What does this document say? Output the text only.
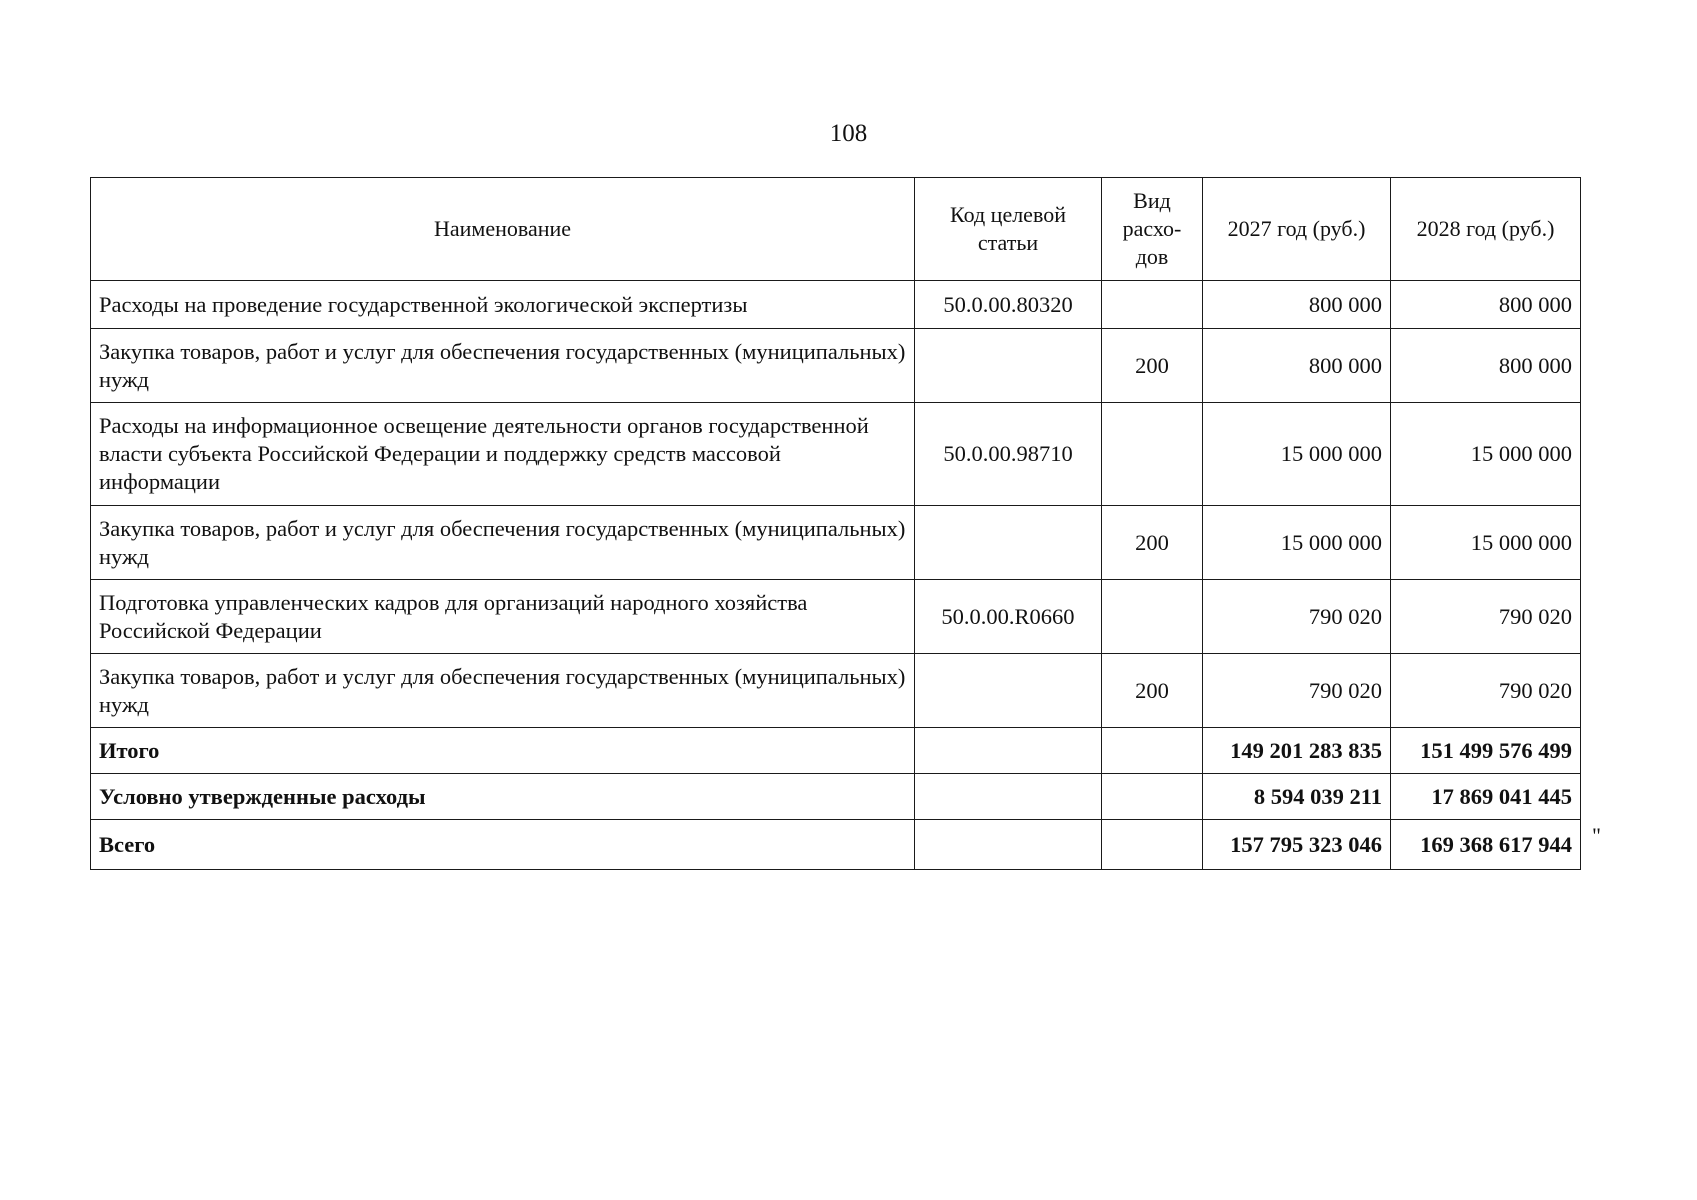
108
Наименование	Код целевой статьи	Вид расхо-дов	2027 год (руб.)	2028 год (руб.)
Расходы на проведение государственной экологической экспертизы	50.0.00.80320		800 000	800 000
Закупка товаров, работ и услуг для обеспечения государственных (муниципальных) нужд		200	800 000	800 000
Расходы на информационное освещение деятельности органов государственной власти субъекта Российской Федерации и поддержку средств массовой информации	50.0.00.98710		15 000 000	15 000 000
Закупка товаров, работ и услуг для обеспечения государственных (муниципальных) нужд		200	15 000 000	15 000 000
Подготовка управленческих кадров для организаций народного хозяйства Российской Федерации	50.0.00.R0660		790 020	790 020
Закупка товаров, работ и услуг для обеспечения государственных (муниципальных) нужд		200	790 020	790 020
Итого			149 201 283 835	151 499 576 499
Условно утвержденные расходы			8 594 039 211	17 869 041 445
Всего			157 795 323 046	169 368 617 944 "
